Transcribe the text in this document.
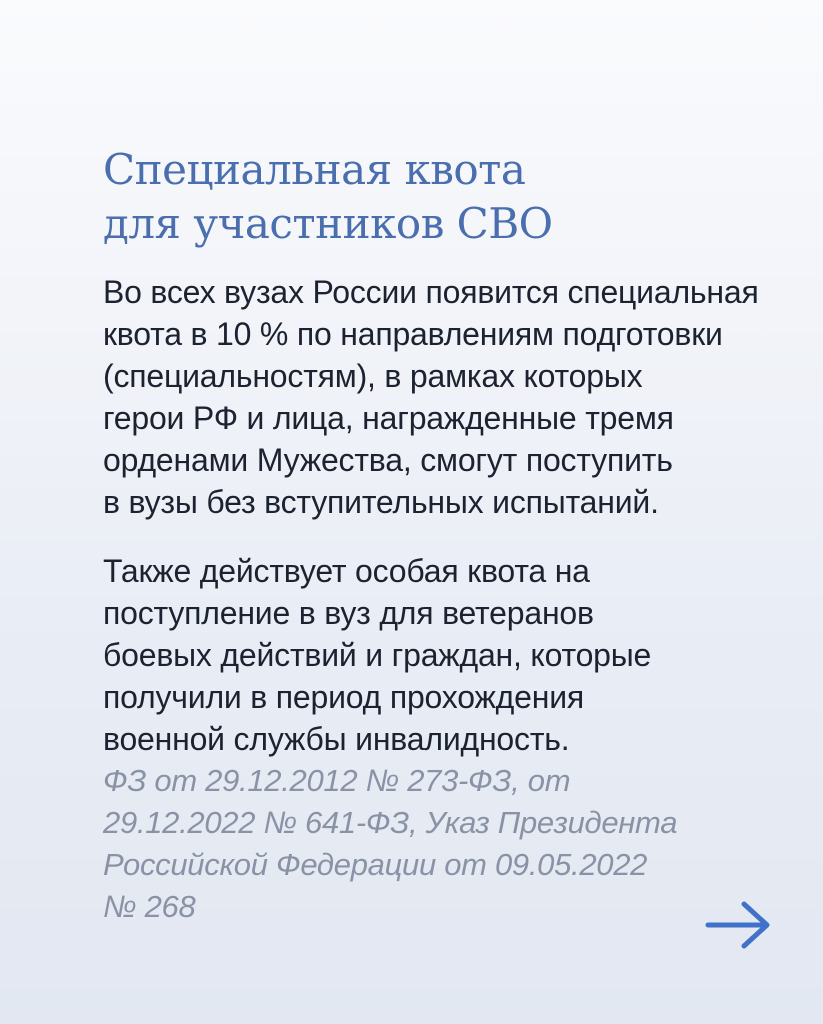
Специальная квота
для участников СВО

Во всех вузах России появится специальная
квота в 10 % по направлениям подготовки
(специальностям), в рамках которых
герои РФ и лица, награжденные тремя
орденами Мужества, смогут поступить
в вузы без вступительных испытаний.

Также действует особая квота на
поступление в вуз для ветеранов
боевых действий и граждан, которые
получили в период прохождения
военной службы инвалидность.

ФЗ от 29.12.2012 № 273-ФЗ, от
29.12.2022 № 641-ФЗ, Указ Президента
Российской Федерации от 09.05.2022
№ 268
